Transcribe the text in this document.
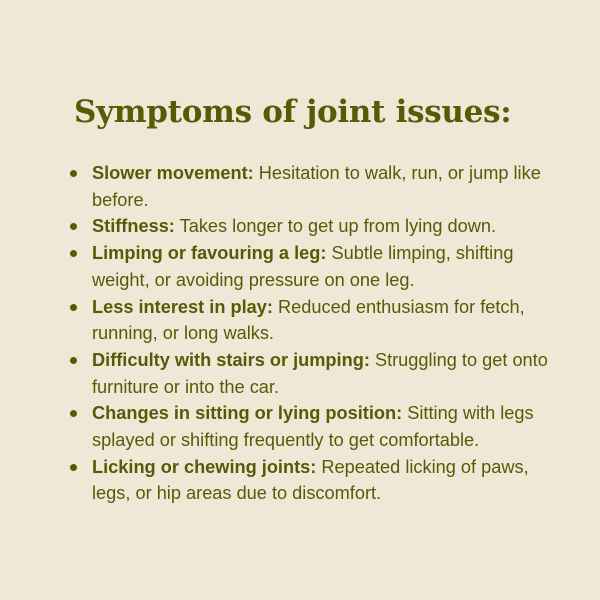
Symptoms of joint issues:
Slower movement: Hesitation to walk, run, or jump like before.
Stiffness: Takes longer to get up from lying down.
Limping or favouring a leg: Subtle limping, shifting weight, or avoiding pressure on one leg.
Less interest in play: Reduced enthusiasm for fetch, running, or long walks.
Difficulty with stairs or jumping: Struggling to get onto furniture or into the car.
Changes in sitting or lying position: Sitting with legs splayed or shifting frequently to get comfortable.
Licking or chewing joints: Repeated licking of paws, legs, or hip areas due to discomfort.
